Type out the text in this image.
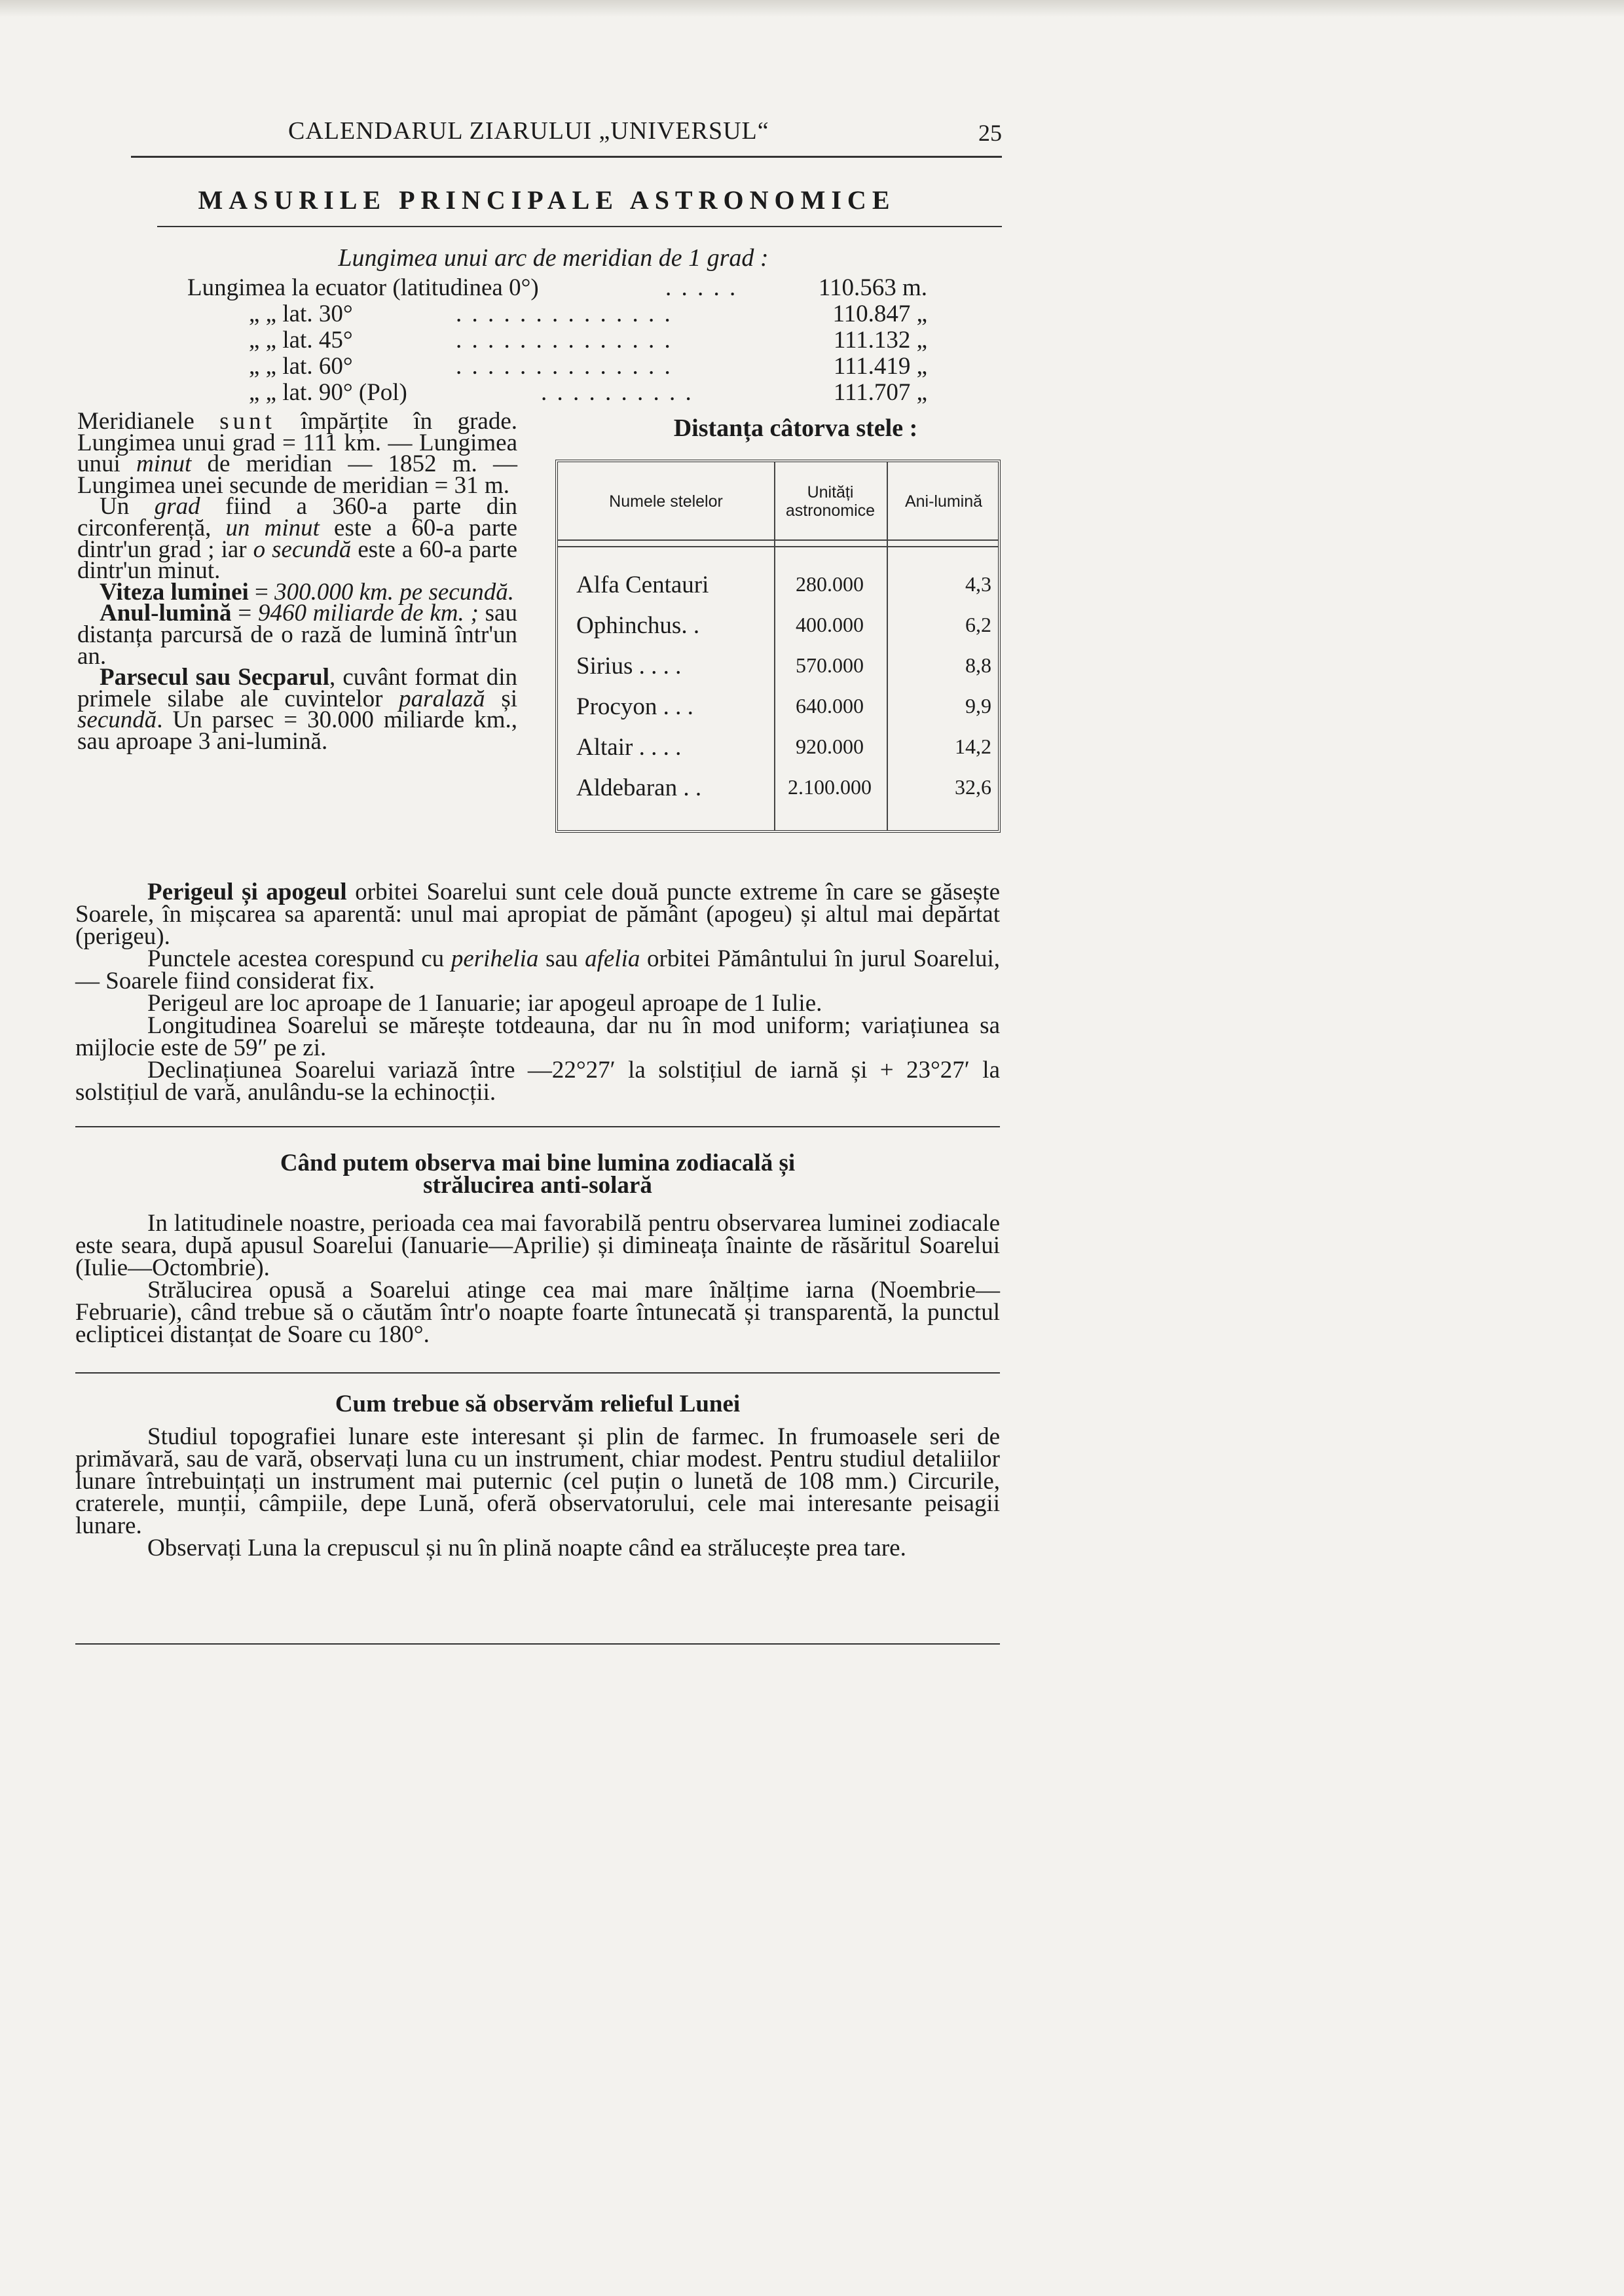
CALENDARUL ZIARULUI „UNIVERSUL“	25
MASURILE PRINCIPALE ASTRONOMICE
Lungimea unui arc de meridian de 1 grad :
Lungimea la ecuator (latitudinea 0°)	. . . . .	110.563 m.
„ „ lat. 30°	. . . . . . . . . . . . . .	110.847 „
„ „ lat. 45°	. . . . . . . . . . . . . .	111.132 „
„ „ lat. 60°	. . . . . . . . . . . . . .	111.419 „
„ „ lat. 90° (Pol)	. . . . . . . . . .	111.707 „

Meridianele sunt împărțite în grade. Lungimea unui grad = 111 km. — Lungimea unui minut de meridian — 1852 m. — Lungimea unei secunde de meridian = 31 m.

Un grad fiind a 360-a parte din circonferență, un minut este a 60-a parte dintr'un grad ; iar o secundă este a 60-a parte dintr'un minut.

Viteza luminei = 300.000 km. pe secundă.

Anul-lumină = 9460 miliarde de km. ; sau distanța parcursă de o rază de lumină într'un an.

Parsecul sau Secparul, cuvânt format din primele silabe ale cuvintelor paralază și secundă. Un parsec = 30.000 miliarde km., sau aproape 3 ani-lumină.

Distanța câtorva stele :
Numele stelelor	Unități astronomice	Ani-lumină
Alfa Centauri	280.000	4,3
Ophinchus. .	400.000	6,2
Sirius . . . .	570.000	8,8
Procyon . . .	640.000	9,9
Altair . . . .	920.000	14,2
Aldebaran . .	2.100.000	32,6

Perigeul și apogeul orbitei Soarelui sunt cele două puncte extreme în care se găsește Soarele, în mișcarea sa aparentă: unul mai apropiat de pământ (apogeu) și altul mai depărtat (perigeu).

Punctele acestea corespund cu perihelia sau afelia orbitei Pământului în jurul Soarelui, — Soarele fiind considerat fix.

Perigeul are loc aproape de 1 Ianuarie; iar apogeul aproape de 1 Iulie.

Longitudinea Soarelui se mărește totdeauna, dar nu în mod uniform; variațiunea sa mijlocie este de 59″ pe zi.

Declinațiunea Soarelui variază între —22°27′ la solstițiul de iarnă și + 23°27′ la solstițiul de vară, anulându-se la echinocții.

Când putem observa mai bine lumina zodiacală și
strălucirea anti-solară

In latitudinele noastre, perioada cea mai favorabilă pentru observarea luminei zodiacale este seara, după apusul Soarelui (Ianuarie—Aprilie) și dimineața înainte de răsăritul Soarelui (Iulie—Octombrie).

Strălucirea opusă a Soarelui atinge cea mai mare înălțime iarna (Noembrie—Februarie), când trebue să o căutăm într'o noapte foarte întunecată și transparentă, la punctul eclipticei distanțat de Soare cu 180°.

Cum trebue să observăm relieful Lunei

Studiul topografiei lunare este interesant și plin de farmec. In frumoasele seri de primăvară, sau de vară, observați luna cu un instrument, chiar modest. Pentru studiul detaliilor lunare întrebuințați un instrument mai puternic (cel puțin o lunetă de 108 mm.) Circurile, craterele, munții, câmpiile, depe Lună, oferă observatorului, cele mai interesante peisagii lunare.

Observați Luna la crepuscul și nu în plină noapte când ea strălucește prea tare.
